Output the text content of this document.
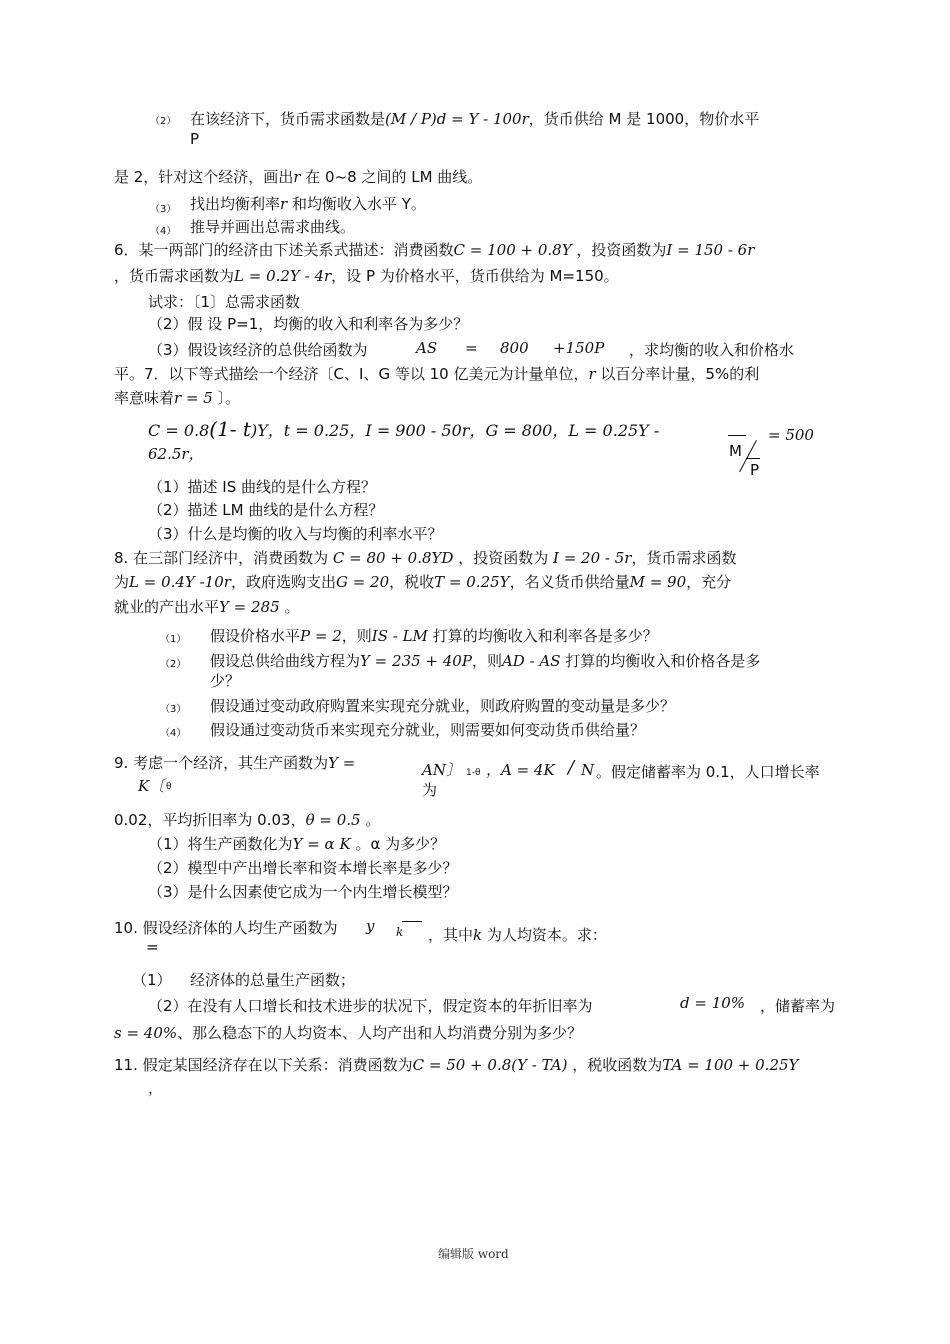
（2） 在该经济下，货币需求函数是(M / P)d = Y - 100r，货币供给 M 是 1000，物价水平
P
是 2，针对这个经济，画出r 在 0~8 之间的 LM 曲线。
（3） 找出均衡利率r 和均衡收入水平 Y。
（4） 推导并画出总需求曲线。
6．某一两部门的经济由下述关系式描述：消费函数C = 100 + 0.8Y ，投资函数为I = 150 - 6r
，货币需求函数为L = 0.2Y - 4r，设 P 为价格水平，货币供给为 M=150。
试求：〔1〕总需求函数
（2）假 设 P=1，均衡的收入和利率各为多少？
（3）假设该经济的总供给函数为	AS = 800 +150P ，求均衡的收入和价格水
平。7．以下等式描绘一个经济〔C、I、G 等以 10 亿美元为计量单位，r 以百分率计量，5%的利
率意味着r = 5 〕。
C = 0.8(1- t)Y，t = 0.25，I = 900 - 50r，G = 800，L = 0.25Y -
62.5r，	M
P
= 500
（1）描述 IS 曲线的是什么方程？
（2）描述 LM 曲线的是什么方程？
（3）什么是均衡的收入与均衡的利率水平？
8. 在三部门经济中，消费函数为 C = 80 + 0.8YD ，投资函数为 I = 20 - 5r，货币需求函数
为L = 0.4Y -10r，政府选购支出G = 20，税收T = 0.25Y，名义货币供给量M = 90，充分
就业的产出水平Y = 285 。
（1） 假设价格水平P = 2，则IS - LM 打算的均衡收入和利率各是多少？
（2） 假设总供给曲线方程为Y = 235 + 40P，则AD - AS 打算的均衡收入和价格各是多
少？
（3） 假设通过变动政府购置来实现充分就业，则政府购置的变动量是多少？
（4） 假设通过变动货币来实现充分就业，则需要如何变动货币供给量？
9. 考虑一个经济，其生产函数为Y =
K〔 θ
AN〕 1-θ ，A = 4K / N 。假定储蓄率为 0.1，人口增长率
为
0.02，平均折旧率为 0.03，θ = 0.5 。
（1）将生产函数化为Y = α K 。α 为多少？
（2）模型中产出增长率和资本增长率是多少？
（3）是什么因素使它成为一个内生增长模型？
10. 假设经济体的人均生产函数为 y
=
k ，其中k 为人均资本。求：
（1） 经济体的总量生产函数；
（2）在没有人口增长和技术进步的状况下，假定资本的年折旧率为	d = 10% ，储蓄率为
s = 40%、那么稳态下的人均资本、人均产出和人均消费分别为多少？
11. 假定某国经济存在以下关系：消费函数为C = 50 + 0.8(Y - TA) ，税收函数为TA = 100 + 0.25Y
，
编辑版 word
